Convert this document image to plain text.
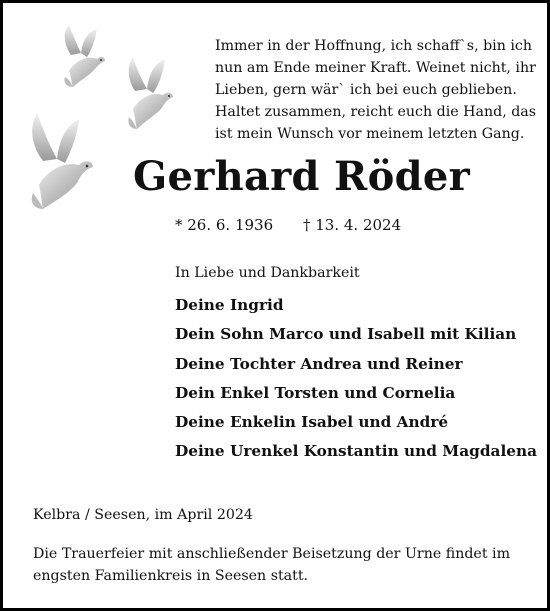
Immer in der Hoffnung, ich schaff`s, bin ich
nun am Ende meiner Kraft. Weinet nicht, ihr
Lieben, gern wär` ich bei euch geblieben.
Haltet zusammen, reicht euch die Hand, das
ist mein Wunsch vor meinem letzten Gang.
Gerhard Röder
* 26. 6. 1936 † 13. 4. 2024
In Liebe und Dankbarkeit
Deine Ingrid
Dein Sohn Marco und Isabell mit Kilian
Deine Tochter Andrea und Reiner
Dein Enkel Torsten und Cornelia
Deine Enkelin Isabel und André
Deine Urenkel Konstantin und Magdalena
Kelbra / Seesen, im April 2024
Die Trauerfeier mit anschließender Beisetzung der Urne findet im
engsten Familienkreis in Seesen statt.
